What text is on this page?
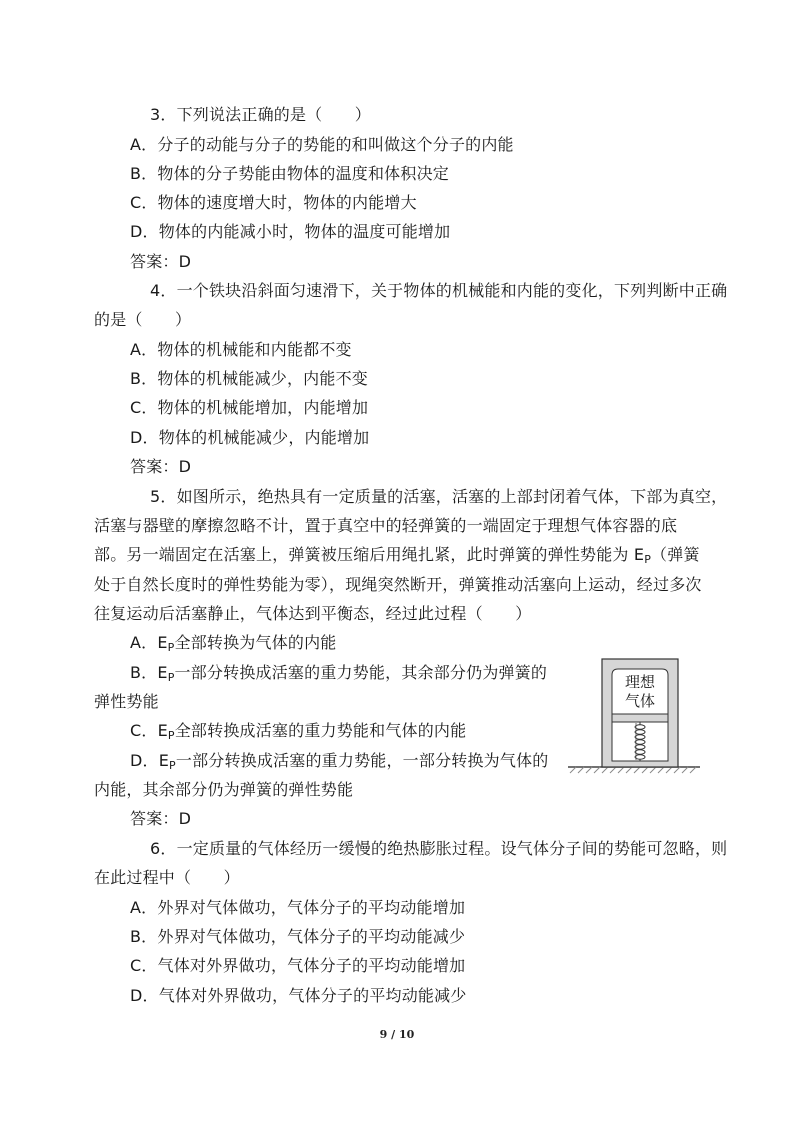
3．下列说法正确的是（　　）
A．分子的动能与分子的势能的和叫做这个分子的内能
B．物体的分子势能由物体的温度和体积决定
C．物体的速度增大时，物体的内能增大
D．物体的内能减小时，物体的温度可能增加
答案：D
4．一个铁块沿斜面匀速滑下，关于物体的机械能和内能的变化，下列判断中正确
的是（　　）
A．物体的机械能和内能都不变
B．物体的机械能减少，内能不变
C．物体的机械能增加，内能增加
D．物体的机械能减少，内能增加
答案：D
5．如图所示，绝热具有一定质量的活塞，活塞的上部封闭着气体，下部为真空，
活塞与器壁的摩擦忽略不计，置于真空中的轻弹簧的一端固定于理想气体容器的底
部。另一端固定在活塞上，弹簧被压缩后用绳扎紧，此时弹簧的弹性势能为 EP（弹簧
处于自然长度时的弹性势能为零），现绳突然断开，弹簧推动活塞向上运动，经过多次
往复运动后活塞静止，气体达到平衡态，经过此过程（　　）
A．EP全部转换为气体的内能
B．EP一部分转换成活塞的重力势能，其余部分仍为弹簧的
弹性势能
C．EP全部转换成活塞的重力势能和气体的内能
D．EP一部分转换成活塞的重力势能，一部分转换为气体的
内能，其余部分仍为弹簧的弹性势能
答案：D
理想
气体
6．一定质量的气体经历一缓慢的绝热膨胀过程。设气体分子间的势能可忽略，则
在此过程中（　　）
A．外界对气体做功，气体分子的平均动能增加
B．外界对气体做功，气体分子的平均动能减少
C．气体对外界做功，气体分子的平均动能增加
D．气体对外界做功，气体分子的平均动能减少
9 / 10
